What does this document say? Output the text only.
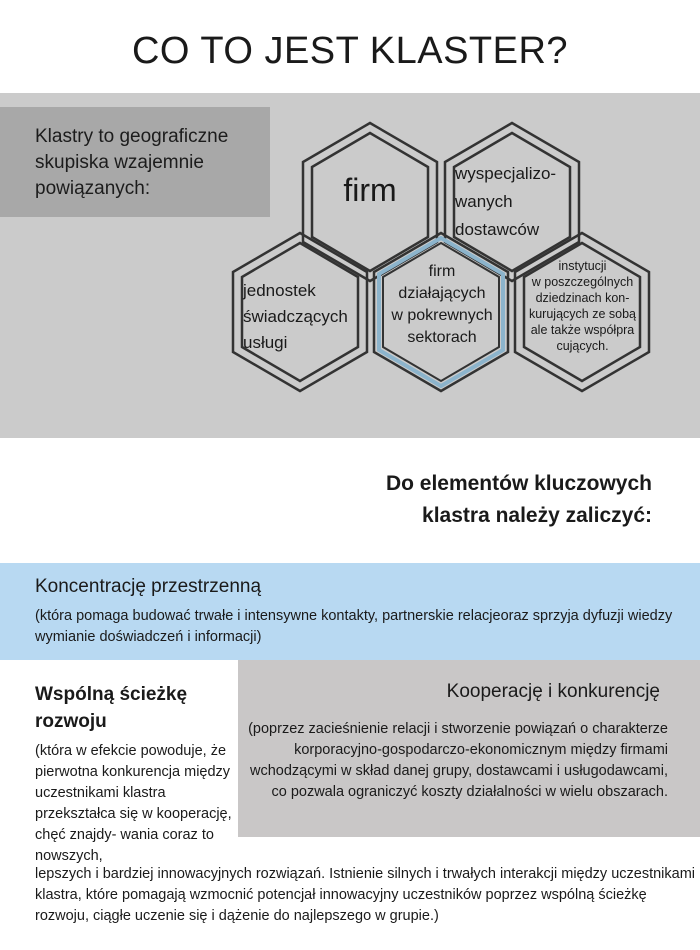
CO TO JEST KLASTER?
Klastry to geograficzne skupiska wzajemnie powiązanych:	firm	wyspecjalizo-
wanych
dostawców
jednostek
świadczących
usługi
firm
działających
w pokrewnych
sektorach
instytucji
w poszczególnych
dziedzinach kon-
kurujących ze sobą
ale także współpra
cujących.
Do elementów kluczowych
klastra należy zaliczyć:
Koncentrację przestrzenną
(która pomaga budować trwałe i intensywne kontakty, partnerskie relacjeoraz sprzyja dyfuzji wiedzy wymianie doświadczeń i informacji)
Kooperację i konkurencję
(poprzez zacieśnienie relacji i stworzenie powiązań o charakterze korporacyjno-gospodarczo-ekonomicznym między firmami wchodzącymi w skład danej grupy, dostawcami i usługodawcami, co pozwala ograniczyć koszty działalności w wielu obszarach.
Wspólną ścieżkę rozwoju
(która w efekcie powoduje, że pierwotna konkurencja między uczestnikami klastra przekształca się w kooperację, chęć znajdy- wania coraz to nowszych,
lepszych i bardziej innowacyjnych rozwiązań. Istnienie silnych i trwałych interakcji między uczestnikami klastra, które pomagają wzmocnić potencjał innowacyjny uczestników poprzez wspólną ścieżkę rozwoju, ciągłe uczenie się i dążenie do najlepszego w grupie.)
